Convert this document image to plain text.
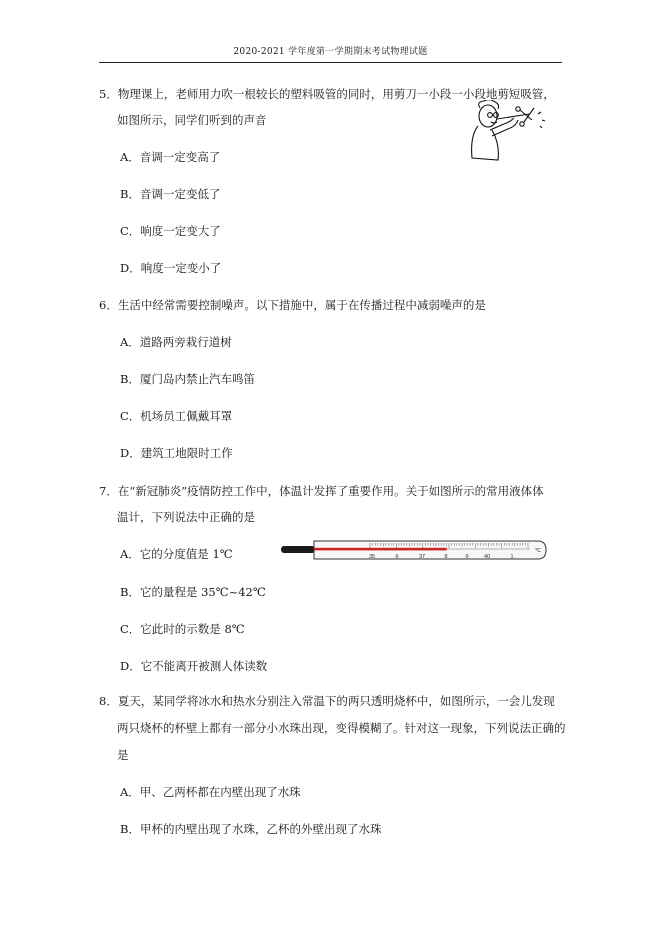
2020-2021 学年度第一学期期末考试物理试题
5．物理课上，老师用力吹一根较长的塑料吸管的同时，用剪刀一小段一小段地剪短吸管，
如图所示，同学们听到的声音
A．音调一定变高了
B．音调一定变低了
C．响度一定变大了
D．响度一定变小了
6．生活中经常需要控制噪声。以下措施中，属于在传播过程中减弱噪声的是
A．道路两旁栽行道树
B．厦门岛内禁止汽车鸣笛
C．机场员工佩戴耳罩
D．建筑工地限时工作
7．在“新冠肺炎”疫情防控工作中，体温计发挥了重要作用。关于如图所示的常用液体体
温计，下列说法中正确的是
A．它的分度值是 1℃
B．它的量程是 35℃~42℃
C．它此时的示数是 8℃
D．它不能离开被测人体读数
35	6	37	8	9	40	1
℃
8．夏天，某同学将冰水和热水分别注入常温下的两只透明烧杯中，如图所示，一会儿发现
两只烧杯的杯壁上都有一部分小水珠出现，变得模糊了。针对这一现象，下列说法正确的
是
A．甲、乙两杯都在内壁出现了水珠
B．甲杯的内壁出现了水珠，乙杯的外壁出现了水珠
